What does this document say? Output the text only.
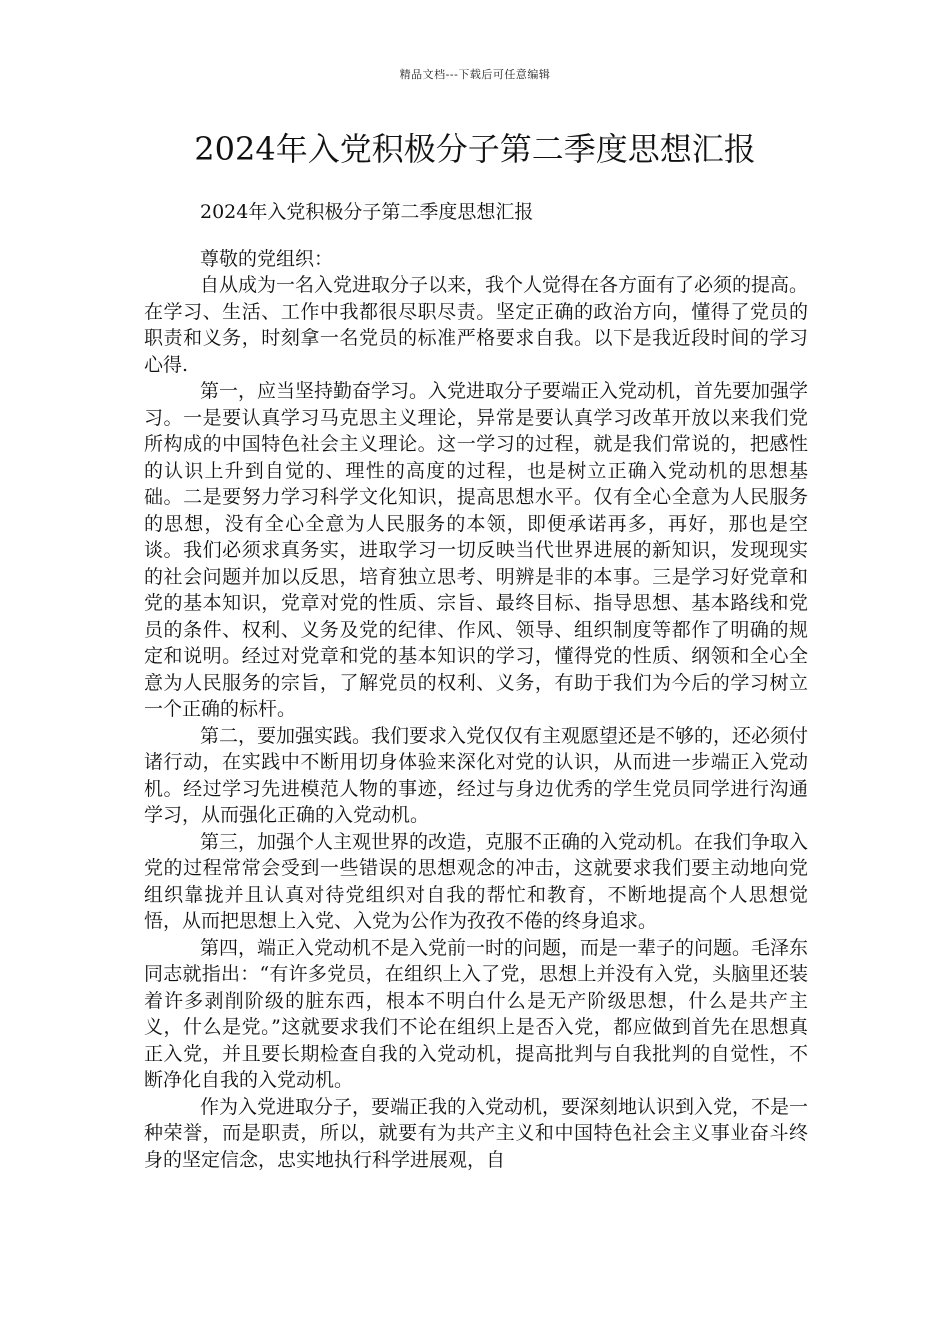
精品文档---下载后可任意编辑
2024年入党积极分子第二季度思想汇报

2024年入党积极分子第二季度思想汇报

尊敬的党组织：

自从成为一名入党进取分子以来，我个人觉得在各方面有了必须的提高。在学习、生活、工作中我都很尽职尽责。坚定正确的政治方向，懂得了党员的职责和义务，时刻拿一名党员的标准严格要求自我。以下是我近段时间的学习心得.

第一，应当坚持勤奋学习。入党进取分子要端正入党动机，首先要加强学习。一是要认真学习马克思主义理论，异常是要认真学习改革开放以来我们党所构成的中国特色社会主义理论。这一学习的过程，就是我们常说的，把感性的认识上升到自觉的、理性的高度的过程，也是树立正确入党动机的思想基础。二是要努力学习科学文化知识，提高思想水平。仅有全心全意为人民服务的思想，没有全心全意为人民服务的本领，即便承诺再多，再好，那也是空谈。我们必须求真务实，进取学习一切反映当代世界进展的新知识，发现现实的社会问题并加以反思，培育独立思考、明辨是非的本事。三是学习好党章和党的基本知识，党章对党的性质、宗旨、最终目标、指导思想、基本路线和党员的条件、权利、义务及党的纪律、作风、领导、组织制度等都作了明确的规定和说明。经过对党章和党的基本知识的学习，懂得党的性质、纲领和全心全意为人民服务的宗旨，了解党员的权利、义务，有助于我们为今后的学习树立一个正确的标杆。

第二，要加强实践。我们要求入党仅仅有主观愿望还是不够的，还必须付诸行动，在实践中不断用切身体验来深化对党的认识，从而进一步端正入党动机。经过学习先进模范人物的事迹，经过与身边优秀的学生党员同学进行沟通学习，从而强化正确的入党动机。

第三，加强个人主观世界的改造，克服不正确的入党动机。在我们争取入党的过程常常会受到一些错误的思想观念的冲击，这就要求我们要主动地向党组织靠拢并且认真对待党组织对自我的帮忙和教育，不断地提高个人思想觉悟，从而把思想上入党、入党为公作为孜孜不倦的终身追求。

第四，端正入党动机不是入党前一时的问题，而是一辈子的问题。毛泽东同志就指出：“有许多党员，在组织上入了党，思想上并没有入党，头脑里还装着许多剥削阶级的脏东西，根本不明白什么是无产阶级思想，什么是共产主义，什么是党。”这就要求我们不论在组织上是否入党，都应做到首先在思想真正入党，并且要长期检查自我的入党动机，提高批判与自我批判的自觉性，不断净化自我的入党动机。

作为入党进取分子，要端正我的入党动机，要深刻地认识到入党，不是一种荣誉，而是职责，所以，就要有为共产主义和中国特色社会主义事业奋斗终身的坚定信念，忠实地执行科学进展观，自
